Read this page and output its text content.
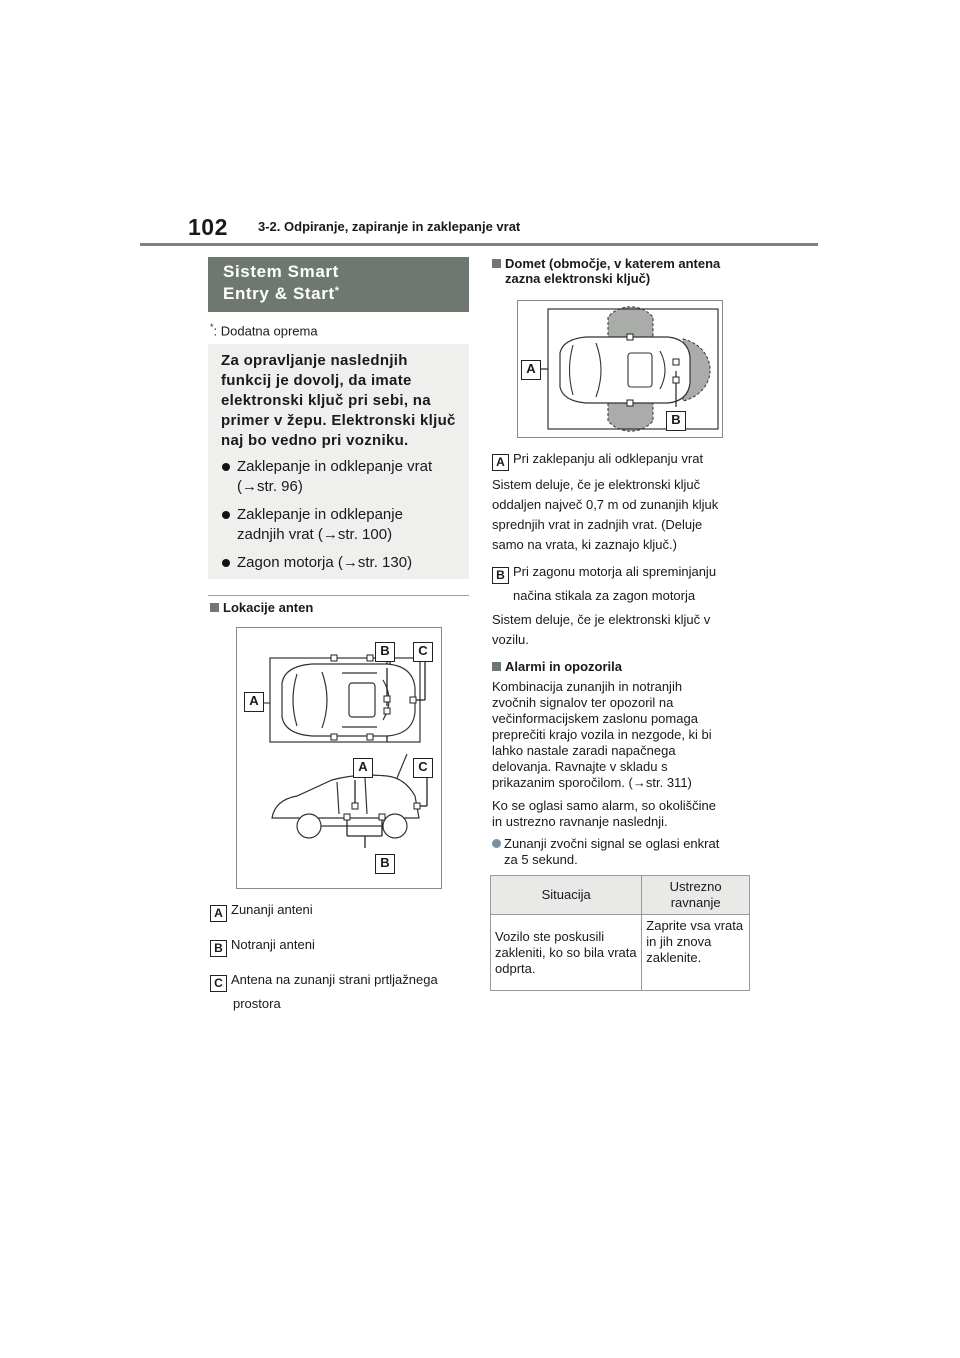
102 3-2. Odpiranje, zapiranje in zaklepanje vrat
Sistem Smart
Entry & Start*
*: Dodatna oprema
Za opravljanje naslednjih funkcij je dovolj, da imate elektronski ključ pri sebi, na primer v žepu. Elektronski ključ naj bo vedno pri vozniku.
Zaklepanje in odklepanje vrat
(→str. 96)
Zaklepanje in odklepanje
zadnjih vrat (→str. 100)
Zagon motorja (→str. 130)
Lokacije anten
A
B	C
A	C
B
A Zunanji anteni
B Notranji anteni
C Antena na zunanji strani prtljažnega
prostora
Domet (območje, v katerem antena
zazna elektronski ključ)
A
B
A Pri zaklepanju ali odklepanju vrat
Sistem deluje, če je elektronski ključ
oddaljen največ 0,7 m od zunanjih kljuk
sprednjih vrat in zadnjih vrat. (Deluje
samo na vrata, ki zaznajo ključ.)
B Pri zagonu motorja ali spreminjanju
načina stikala za zagon motorja
Sistem deluje, če je elektronski ključ v
vozilu.
Alarmi in opozorila
Kombinacija zunanjih in notranjih
zvočnih signalov ter opozoril na
večinformacijskem zaslonu pomaga
preprečiti krajo vozila in nezgode, ki bi
lahko nastale zaradi napačnega
delovanja. Ravnajte v skladu s
prikazanim sporočilom. (→str. 311)
Ko se oglasi samo alarm, so okoliščine
in ustrezno ravnanje naslednji.
Zunanji zvočni signal se oglasi enkrat
za 5 sekund.
Situacija	Ustrezno ravnanje
Vozilo ste poskusili zakleniti, ko so bila vrata odprta.	Zaprite vsa vrata in jih znova zaklenite.
